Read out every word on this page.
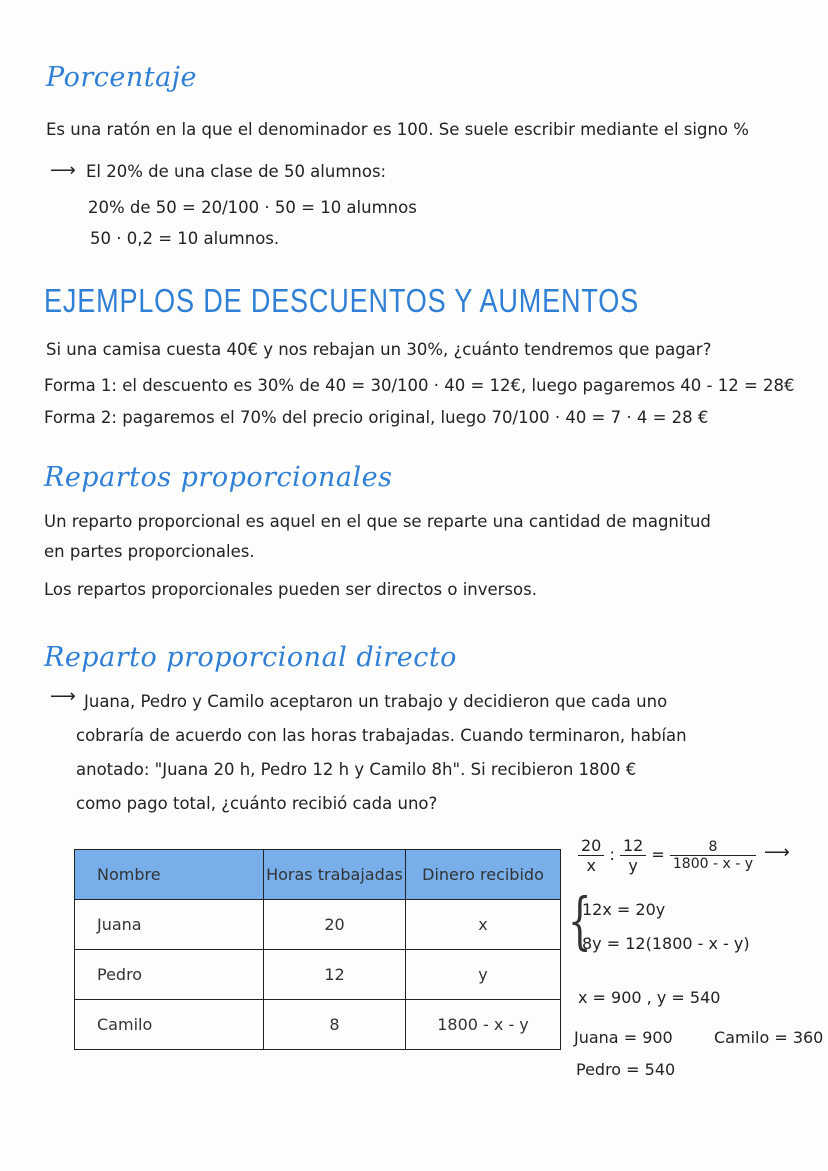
Porcentaje
Es una ratón en la que el denominador es 100. Se suele escribir mediante el signo %
⟶ El 20% de una clase de 50 alumnos:
20% de 50 = 20/100 · 50 = 10 alumnos
50 · 0,2 = 10 alumnos.
EJEMPLOS DE DESCUENTOS Y AUMENTOS
Si una camisa cuesta 40€ y nos rebajan un 30%, ¿cuánto tendremos que pagar?
Forma 1: el descuento es 30% de 40 = 30/100 · 40 = 12€, luego pagaremos 40 - 12 = 28€
Forma 2: pagaremos el 70% del precio original, luego 70/100 · 40 = 7 · 4 = 28 €
Repartos proporcionales
Un reparto proporcional es aquel en el que se reparte una cantidad de magnitud
en partes proporcionales.
Los repartos proporcionales pueden ser directos o inversos.
Reparto proporcional directo
⟶ Juana, Pedro y Camilo aceptaron un trabajo y decidieron que cada uno
cobraría de acuerdo con las horas trabajadas. Cuando terminaron, habían
anotado: "Juana 20 h, Pedro 12 h y Camilo 8h". Si recibieron 1800 €
como pago total, ¿cuánto recibió cada uno?
Nombre	Horas trabajadas	Dinero recibido
Juana	20	x
Pedro	12	y
Camilo	8	1800 - x - y
$\frac{20}{x}$ : $\frac{12}{y} = \frac{8}{1800 - x - y}$ ⟶
{
12x = 20y
8y = 12(1800 - x - y)
x = 900 , y = 540
Juana = 900	Camilo = 360
Pedro = 540
